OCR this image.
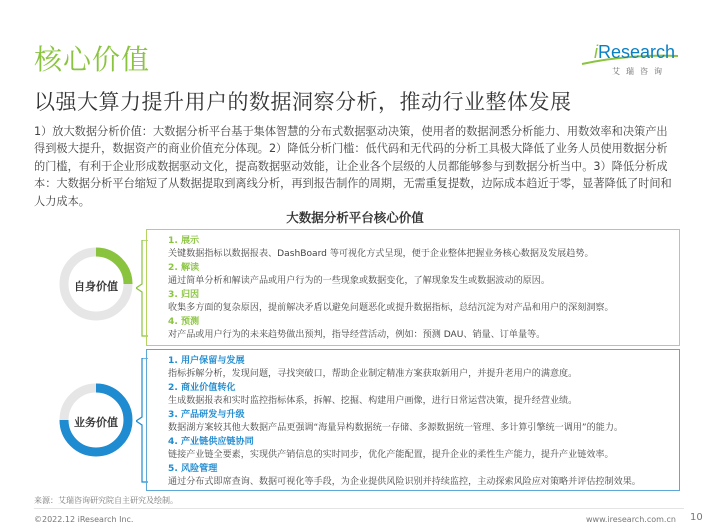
核心价值	iResearch
艾瑞咨询
以强大算力提升用户的数据洞察分析，推动行业整体发展
1）放大数据分析价值：大数据分析平台基于集体智慧的分布式数据驱动决策，使用者的数据洞悉分析能力、用数效率和决策产出得到极大提升，数据资产的商业价值充分体现。2）降低分析门槛：低代码和无代码的分析工具极大降低了业务人员使用数据分析的门槛，有利于企业形成数据驱动文化，提高数据驱动效能，让企业各个层级的人员都能够参与到数据分析当中。3）降低分析成本：大数据分析平台缩短了从数据提取到离线分析，再到报告制作的周期，无需重复提数，边际成本趋近于零，显著降低了时间和人力成本。
大数据分析平台核心价值
自身价值
1. 展示
关键数据指标以数据报表、DashBoard 等可视化方式呈现，便于企业整体把握业务核心数据及发展趋势。
2. 解读
通过简单分析和解读产品或用户行为的一些现象或数据变化，了解现象发生或数据波动的原因。
3. 归因
收集多方面的复杂原因，提前解决矛盾以避免问题恶化或提升数据指标，总结沉淀为对产品和用户的深刻洞察。
4. 预测
对产品或用户行为的未来趋势做出预判，指导经营活动，例如：预测 DAU、销量、订单量等。
业务价值
1. 用户保留与发展
指标拆解分析，发现问题，寻找突破口，帮助企业制定精准方案获取新用户，并提升老用户的满意度。
2. 商业价值转化
生成数据报表和实时监控指标体系，拆解、挖掘、构建用户画像，进行日常运营决策，提升经营业绩。
3. 产品研发与升级
数据湖方案较其他大数据产品更强调“海量异构数据统一存储、多源数据统一管理、多计算引擎统一调用”的能力。
4. 产业链供应链协同
链接产业链全要素，实现供产销信息的实时同步，优化产能配置，提升企业的柔性生产能力，提升产业链效率。
5. 风险管理
通过分布式即席查询、数据可视化等手段，为企业提供风险识别并持续监控，主动探索风险应对策略并评估控制效果。
来源：艾瑞咨询研究院自主研究及绘制。
©2022.12 iResearch Inc.	www.iresearch.com.cn 10
